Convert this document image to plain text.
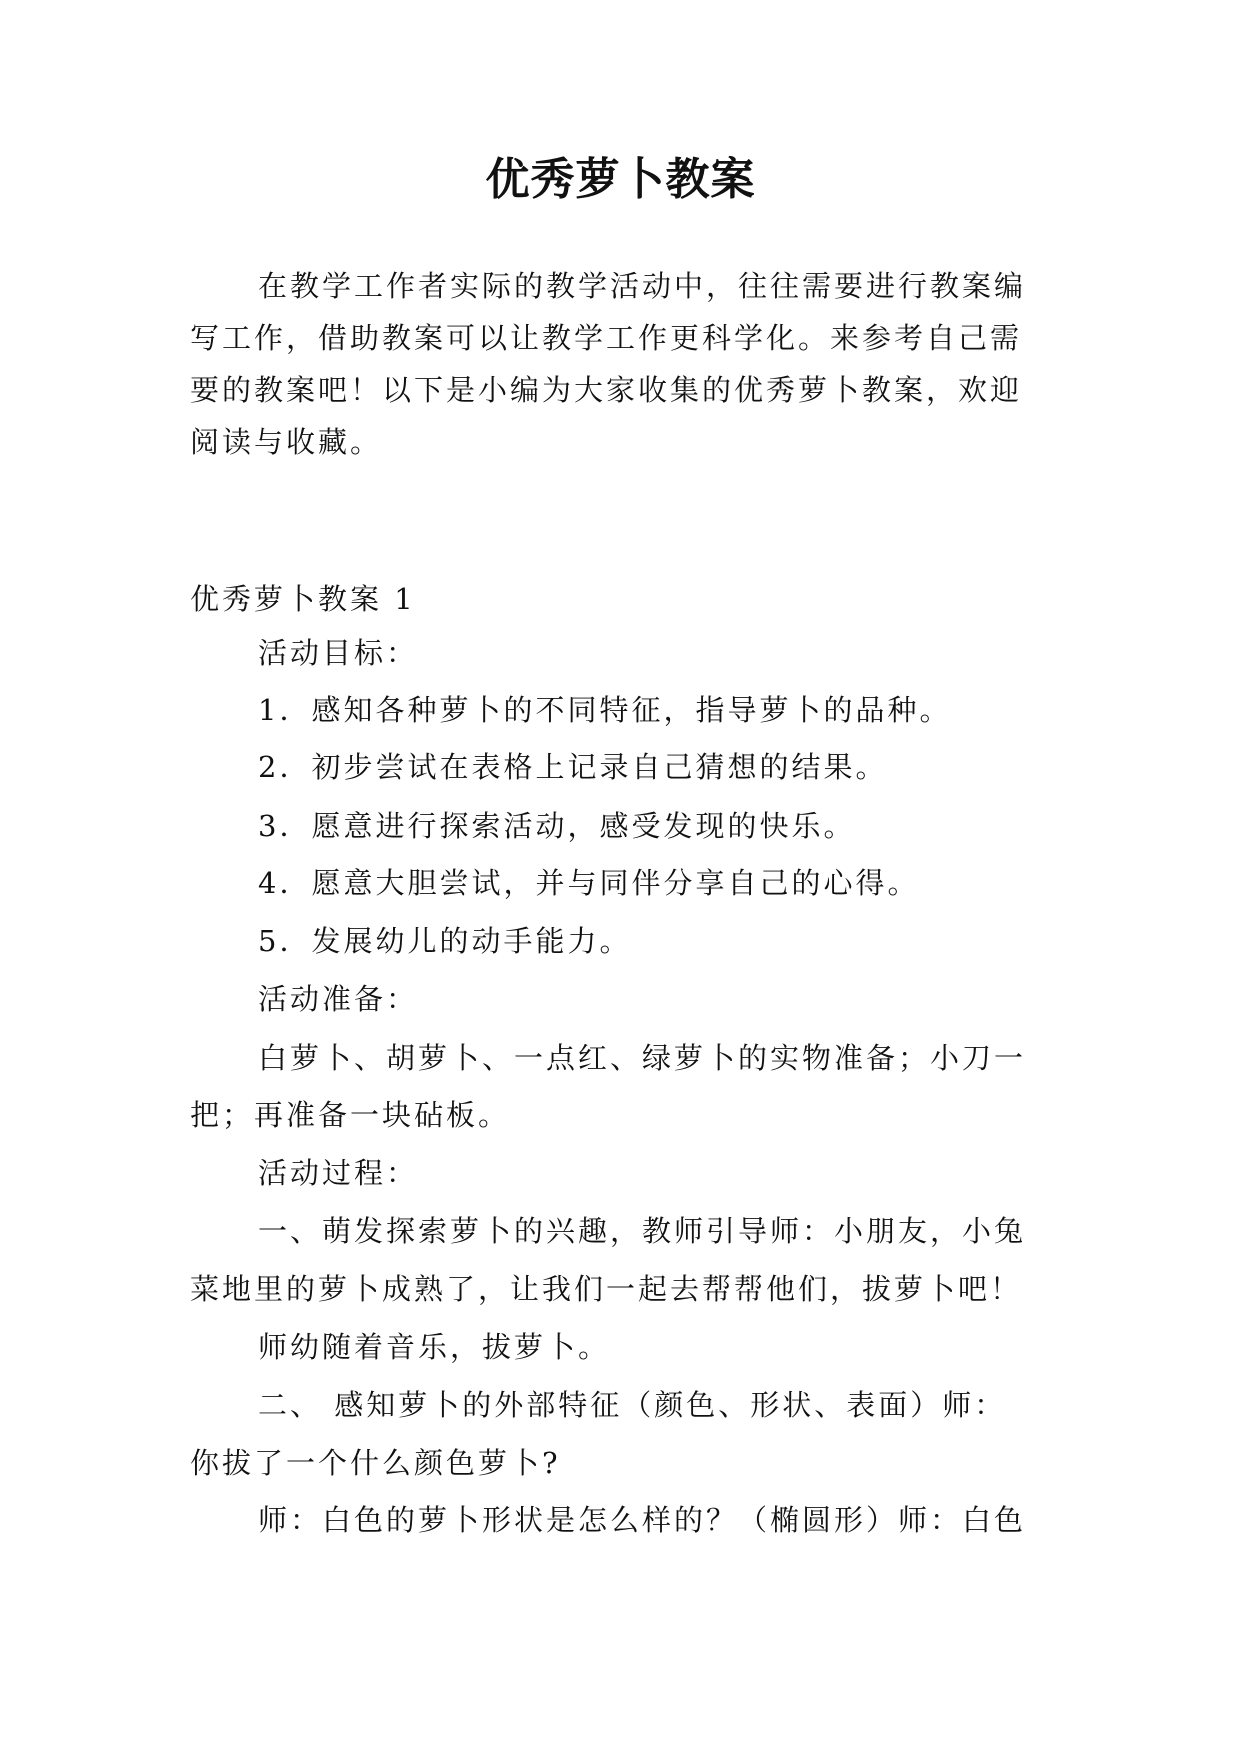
优秀萝卜教案
在教学工作者实际的教学活动中，往往需要进行教案编
写工作，借助教案可以让教学工作更科学化。来参考自己需
要的教案吧！以下是小编为大家收集的优秀萝卜教案，欢迎
阅读与收藏。
优秀萝卜教案 1
活动目标：
1．感知各种萝卜的不同特征，指导萝卜的品种。
2．初步尝试在表格上记录自己猜想的结果。
3．愿意进行探索活动，感受发现的快乐。
4．愿意大胆尝试，并与同伴分享自己的心得。
5．发展幼儿的动手能力。
活动准备：
白萝卜、胡萝卜、一点红、绿萝卜的实物准备；小刀一
把；再准备一块砧板。
活动过程：
一、萌发探索萝卜的兴趣，教师引导师：小朋友，小兔
菜地里的萝卜成熟了，让我们一起去帮帮他们，拔萝卜吧！
师幼随着音乐，拔萝卜。
二、 感知萝卜的外部特征（颜色、形状、表面）师：
你拔了一个什么颜色萝卜?
师：白色的萝卜形状是怎么样的？（椭圆形）师：白色
